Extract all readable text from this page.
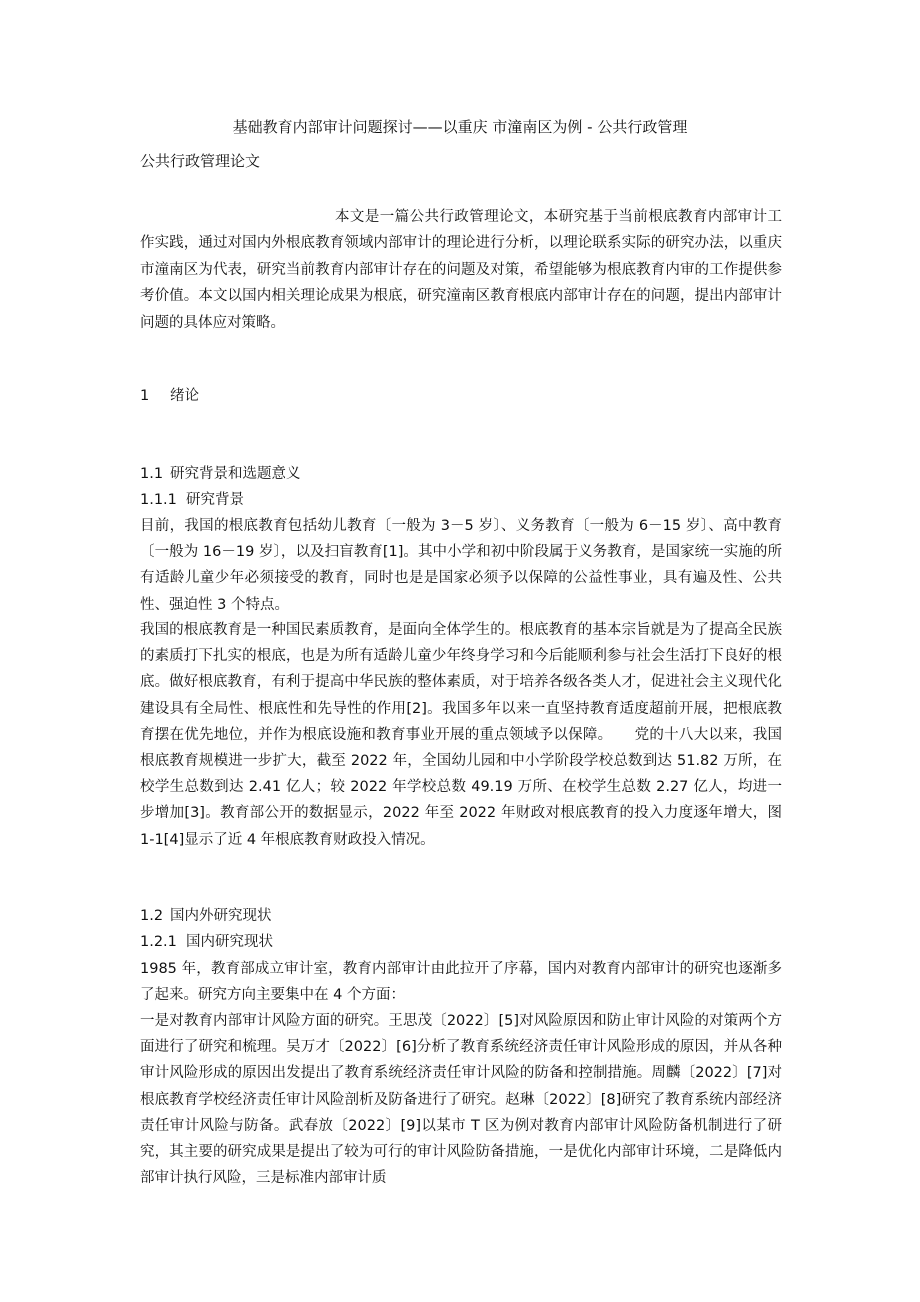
基础教育内部审计问题探讨——以重庆 市潼南区为例 - 公共行政管理

公共行政管理论文

本文是一篇公共行政管理论文，本研究基于当前根底教育内部审计工作实践，通过对国内外根底教育领域内部审计的理论进行分析，以理论联系实际的研究办法，以重庆市潼南区为代表，研究当前教育内部审计存在的问题及对策，希望能够为根底教育内审的工作提供参考价值。本文以国内相关理论成果为根底，研究潼南区教育根底内部审计存在的问题，提出内部审计问题的具体应对策略。

1 绪论
1.1 研究背景和选题意义
1.1.1 研究背景

目前，我国的根底教育包括幼儿教育〔一般为 3－5 岁〕、义务教育〔一般为 6－15 岁〕、高中教育〔一般为 16－19 岁〕，以及扫盲教育[1]。其中小学和初中阶段属于义务教育，是国家统一实施的所有适龄儿童少年必须接受的教育，同时也是是国家必须予以保障的公益性事业，具有遍及性、公共性、强迫性 3 个特点。

我国的根底教育是一种国民素质教育，是面向全体学生的。根底教育的基本宗旨就是为了提高全民族的素质打下扎实的根底，也是为所有适龄儿童少年终身学习和今后能顺利参与社会生活打下良好的根底。做好根底教育，有利于提高中华民族的整体素质，对于培养各级各类人才，促进社会主义现代化建设具有全局性、根底性和先导性的作用[2]。我国多年以来一直坚持教育适度超前开展，把根底教育摆在优先地位，并作为根底设施和教育事业开展的重点领域予以保障。　　党的十八大以来，我国根底教育规模进一步扩大，截至 2022 年，全国幼儿园和中小学阶段学校总数到达 51.82 万所，在校学生总数到达 2.41 亿人；较 2022 年学校总数 49.19 万所、在校学生总数 2.27 亿人，均进一步增加[3]。教育部公开的数据显示，2022 年至 2022 年财政对根底教育的投入力度逐年增大，图 1-1[4]显示了近 4 年根底教育财政投入情况。

1.2 国内外研究现状
1.2.1 国内研究现状

1985 年，教育部成立审计室，教育内部审计由此拉开了序幕，国内对教育内部审计的研究也逐渐多了起来。研究方向主要集中在 4 个方面：

一是对教育内部审计风险方面的研究。王思茂〔2022〕[5]对风险原因和防止审计风险的对策两个方面进行了研究和梳理。吴万才〔2022〕[6]分析了教育系统经济责任审计风险形成的原因，并从各种审计风险形成的原因出发提出了教育系统经济责任审计风险的防备和控制措施。周麟〔2022〕[7]对根底教育学校经济责任审计风险剖析及防备进行了研究。赵琳〔2022〕[8]研究了教育系统内部经济责任审计风险与防备。武春放〔2022〕[9]以某市 T 区为例对教育内部审计风险防备机制进行了研究，其主要的研究成果是提出了较为可行的审计风险防备措施，一是优化内部审计环境，二是降低内部审计执行风险，三是标准内部审计质
